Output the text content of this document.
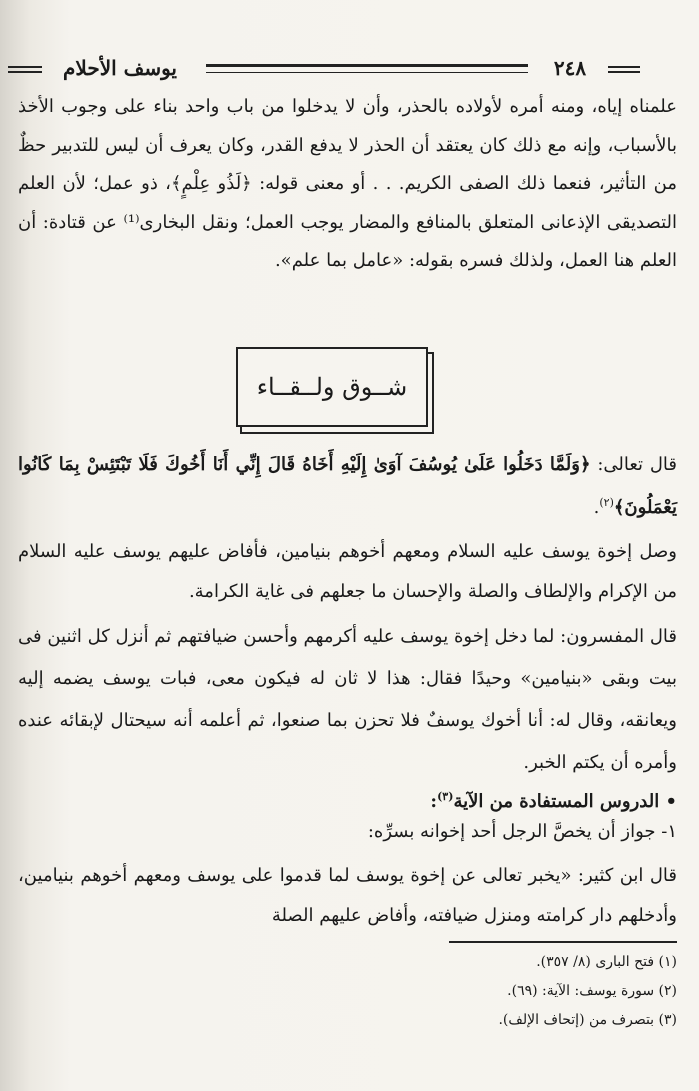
يوسف الأحلام	٢٤٨
علمناه إياه، ومنه أمره لأولاده بالحذر، وأن لا يدخلوا من باب واحد بناء على وجوب الأخذ بالأسباب، وإنه مع ذلك كان يعتقد أن الحذر لا يدفع القدر، وكان يعرف أن ليس للتدبير حظٌ من التأثير، فنعما ذلك الصفى الكريم. . . أو معنى قوله: ﴿لَذُو عِلْمٍ﴾، ذو عمل؛ لأن العلم التصديقى الإذعانى المتعلق بالمنافع والمضار يوجب العمل؛ ونقل البخارى⁽¹⁾ عن قتادة: أن العلم هنا العمل، ولذلك فسره بقوله: «عامل بما علم».
شــوق ولــقــاء
قال تعالى: ﴿وَلَمَّا دَخَلُوا عَلَىٰ يُوسُفَ آوَىٰ إِلَيْهِ أَخَاهُ قَالَ إِنِّي أَنَا أَخُوكَ فَلَا تَبْتَئِسْ بِمَا كَانُوا يَعْمَلُونَ﴾$^{(٢)}$.
وصل إخوة يوسف عليه السلام ومعهم أخوهم بنيامين، فأفاض عليهم يوسف عليه السلام من الإكرام والإلطاف والصلة والإحسان ما جعلهم فى غاية الكرامة.
قال المفسرون: لما دخل إخوة يوسف عليه أكرمهم وأحسن ضيافتهم ثم أنزل كل اثنين فى بيت وبقى «بنيامين» وحيدًا فقال: هذا لا ثان له فيكون معى، فبات يوسف يضمه إليه ويعانقه، وقال له: أنا أخوك يوسفٌ فلا تحزن بما صنعوا، ثم أعلمه أنه سيحتال لإبقائه عنده وأمره أن يكتم الخبر.
• الدروس المستفادة من الآية$^{(٣)}$:
١- جواز أن يخصَّ الرجل أحد إخوانه بسرِّه:
قال ابن كثير: «يخبر تعالى عن إخوة يوسف لما قدموا على يوسف ومعهم أخوهم بنيامين، وأدخلهم دار كرامته ومنزل ضيافته، وأفاض عليهم الصلة
(١) فتح البارى (٨/ ٣٥٧).
(٢) سورة يوسف: الآية: (٦٩).
(٣) بتصرف من (إتحاف الإلف).
